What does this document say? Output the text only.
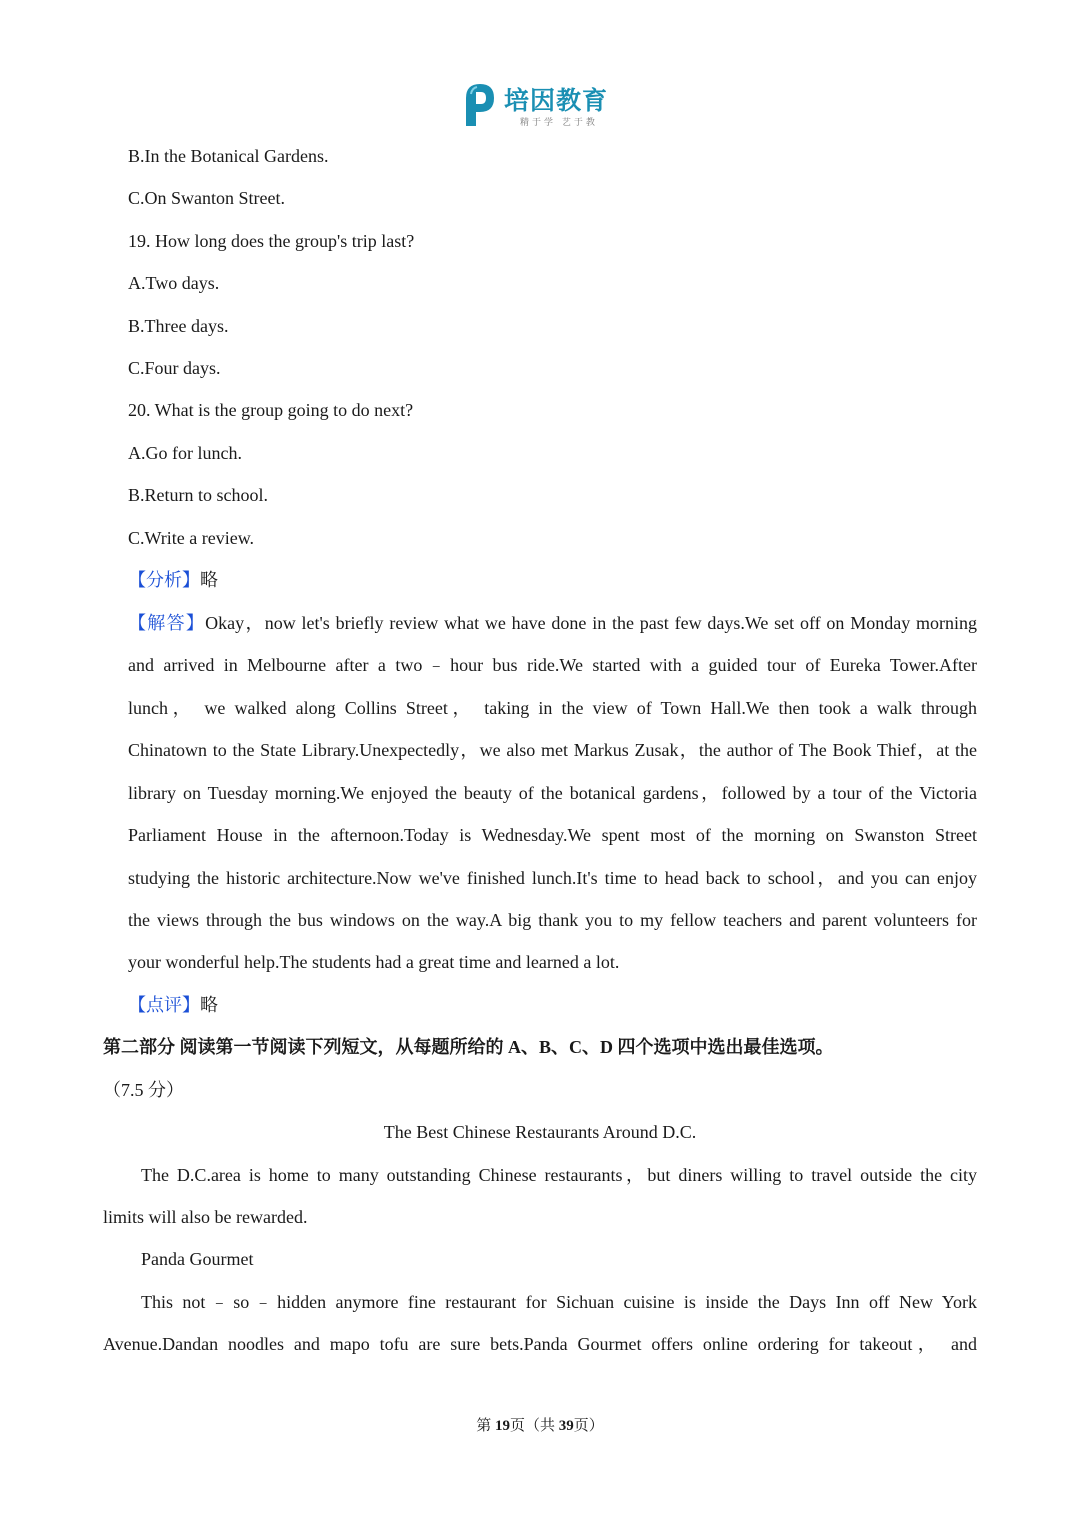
培因教育
精于学 艺于教
B.In the Botanical Gardens.
C.On Swanton Street.
19. How long does the group's trip last?
A.Two days.
B.Three days.
C.Four days.
20. What is the group going to do next?
A.Go for lunch.
B.Return to school.
C.Write a review.
【分析】略
【解答】Okay，now let's briefly review what we have done in the past few days.We set off on Monday morning
and arrived in Melbourne after a two﹣hour bus ride.We started with a guided tour of Eureka Tower.After
lunch， we walked along Collins Street， taking in the view of Town Hall.We then took a walk through
Chinatown to the State Library.Unexpectedly，we also met Markus Zusak，the author of The Book Thief，at the
library on Tuesday morning.We enjoyed the beauty of the botanical gardens，followed by a tour of the Victoria
Parliament House in the afternoon.Today is Wednesday.We spent most of the morning on Swanston Street
studying the historic architecture.Now we've finished lunch.It's time to head back to school，and you can enjoy
the views through the bus windows on the way.A big thank you to my fellow teachers and parent volunteers for
your wonderful help.The students had a great time and learned a lot.
【点评】略
第二部分 阅读第一节阅读下列短文，从每题所给的 A、B、C、D 四个选项中选出最佳选项。
（7.5 分）
The Best Chinese Restaurants Around D.C.
The D.C.area is home to many outstanding Chinese restaurants，but diners willing to travel outside the city
limits will also be rewarded.
Panda Gourmet
This not﹣so﹣hidden anymore fine restaurant for Sichuan cuisine is inside the Days Inn off New York
Avenue.Dandan noodles and mapo tofu are sure bets.Panda Gourmet offers online ordering for takeout， and
第 19页（共 39页）
